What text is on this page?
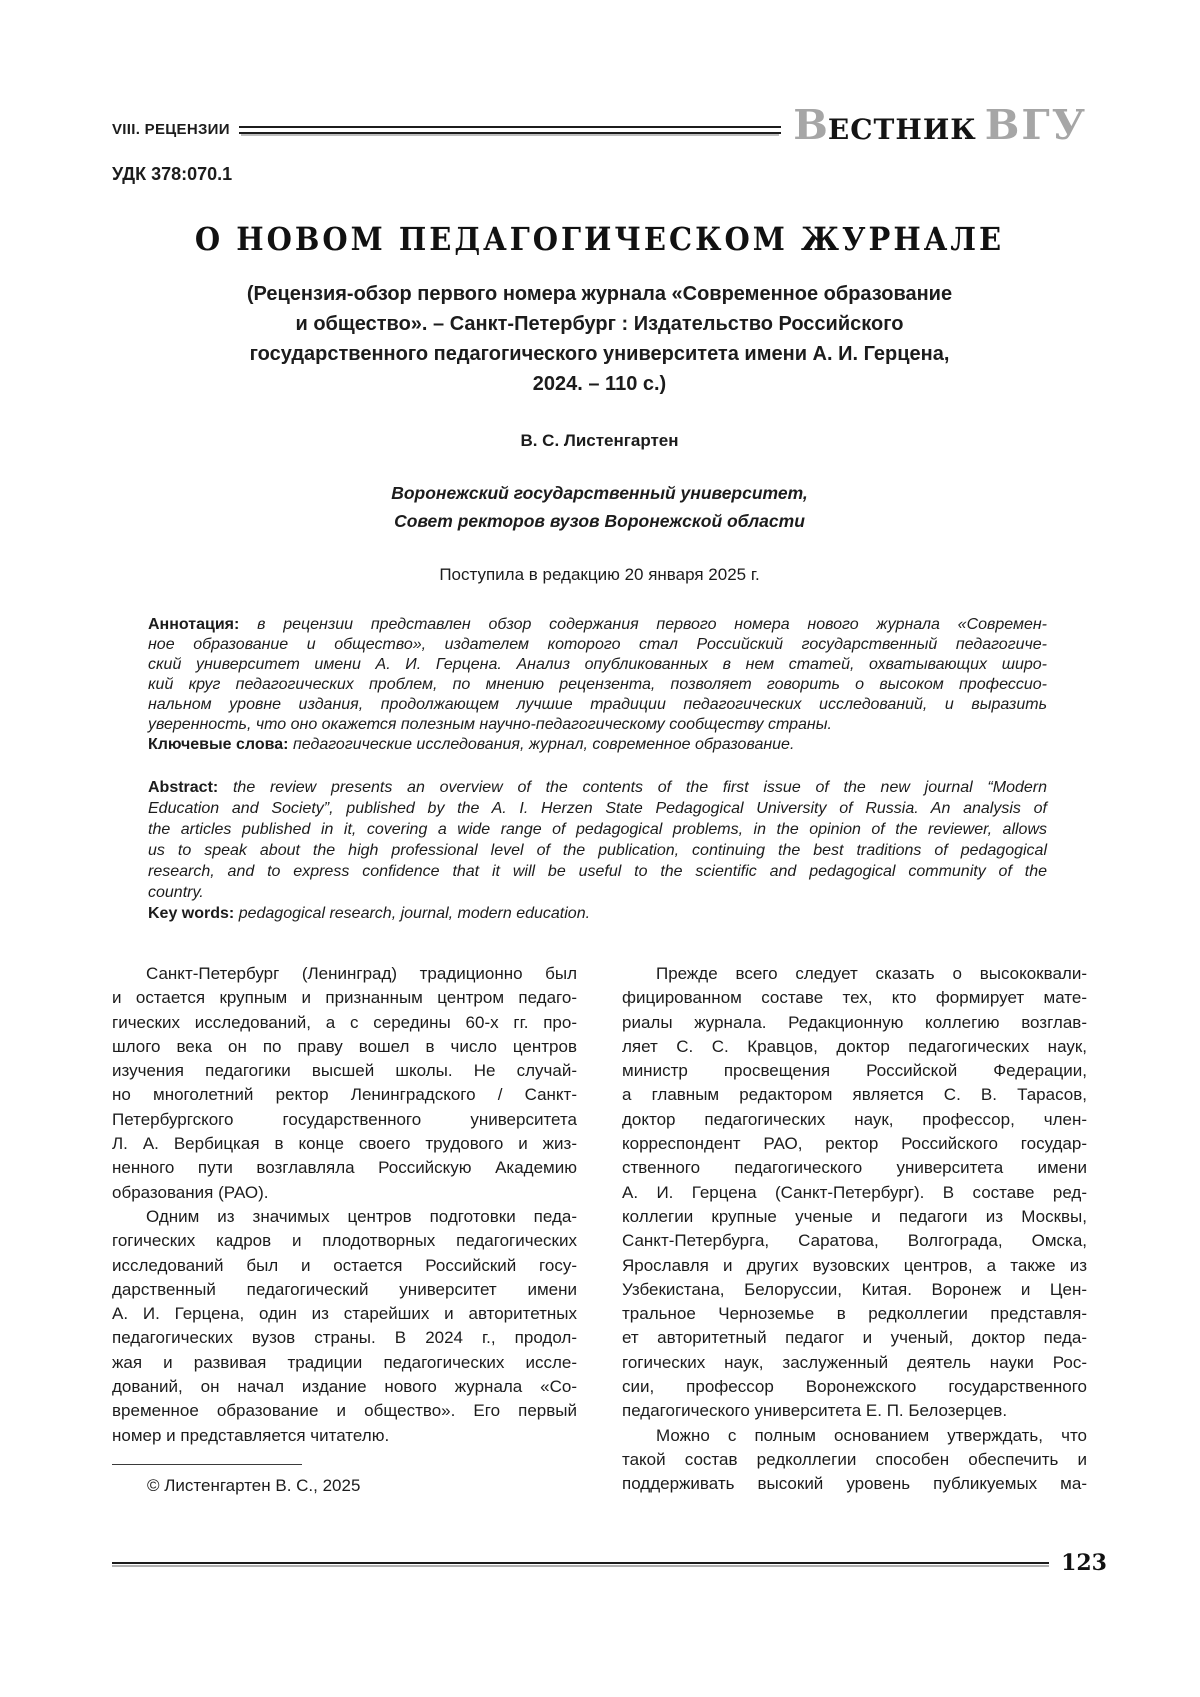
VIII. РЕЦЕНЗИИ	ВЕСТНИК ВГУ
УДК 378:070.1
О НОВОМ ПЕДАГОГИЧЕСКОМ ЖУРНАЛЕ
(Рецензия-обзор первого номера журнала «Современное образование
и общество». – Санкт-Петербург : Издательство Российского
государственного педагогического университета имени А. И. Герцена,
2024. – 110 с.)
В. С. Листенгартен
Воронежский государственный университет,
Совет ректоров вузов Воронежской области
Поступила в редакцию 20 января 2025 г.
Аннотация: в рецензии представлен обзор содержания первого номера нового журнала «Современ-
ное образование и общество», издателем которого стал Российский государственный педагогиче-
ский университет имени А. И. Герцена. Анализ опубликованных в нем статей, охватывающих широ-
кий круг педагогических проблем, по мнению рецензента, позволяет говорить о высоком профессио-
нальном уровне издания, продолжающем лучшие традиции педагогических исследований, и выразить
уверенность, что оно окажется полезным научно-педагогическому сообществу страны.
Ключевые слова: педагогические исследования, журнал, современное образование.
Abstract: the review presents an overview of the contents of the first issue of the new journal “Modern
Education and Society”, published by the A. I. Herzen State Pedagogical University of Russia. An analysis of
the articles published in it, covering a wide range of pedagogical problems, in the opinion of the reviewer, allows
us to speak about the high professional level of the publication, continuing the best traditions of pedagogical
research, and to express confidence that it will be useful to the scientific and pedagogical community of the
country.
Key words: pedagogical research, journal, modern education.
Санкт-Петербург (Ленинград) традиционно был
и остается крупным и признанным центром педаго-
гических исследований, а с середины 60-х гг. про-
шлого века он по праву вошел в число центров
изучения педагогики высшей школы. Не случай-
но многолетний ректор Ленинградского / Санкт-
Петербургского государственного университета
Л. А. Вербицкая в конце своего трудового и жиз-
ненного пути возглавляла Российскую Академию
образования (РАО).
Одним из значимых центров подготовки педа-
гогических кадров и плодотворных педагогических
исследований был и остается Российский госу-
дарственный педагогический университет имени
А. И. Герцена, один из старейших и авторитетных
педагогических вузов страны. В 2024 г., продол-
жая и развивая традиции педагогических иссле-
дований, он начал издание нового журнала «Со-
временное образование и общество». Его первый
номер и представляется читателю.
© Листенгартен В. С., 2025
Прежде всего следует сказать о высококвали-
фицированном составе тех, кто формирует мате-
риалы журнала. Редакционную коллегию возглав-
ляет С. С. Кравцов, доктор педагогических наук,
министр просвещения Российской Федерации,
а главным редактором является С. В. Тарасов,
доктор педагогических наук, профессор, член-
корреспондент РАО, ректор Российского государ-
ственного педагогического университета имени
А. И. Герцена (Санкт-Петербург). В составе ред-
коллегии крупные ученые и педагоги из Москвы,
Санкт-Петербурга, Саратова, Волгограда, Омска,
Ярославля и других вузовских центров, а также из
Узбекистана, Белоруссии, Китая. Воронеж и Цен-
тральное Черноземье в редколлегии представля-
ет авторитетный педагог и ученый, доктор педа-
гогических наук, заслуженный деятель науки Рос-
сии, профессор Воронежского государственного
педагогического университета Е. П. Белозерцев.
Можно с полным основанием утверждать, что
такой состав редколлегии способен обеспечить и
поддерживать высокий уровень публикуемых ма-
123
